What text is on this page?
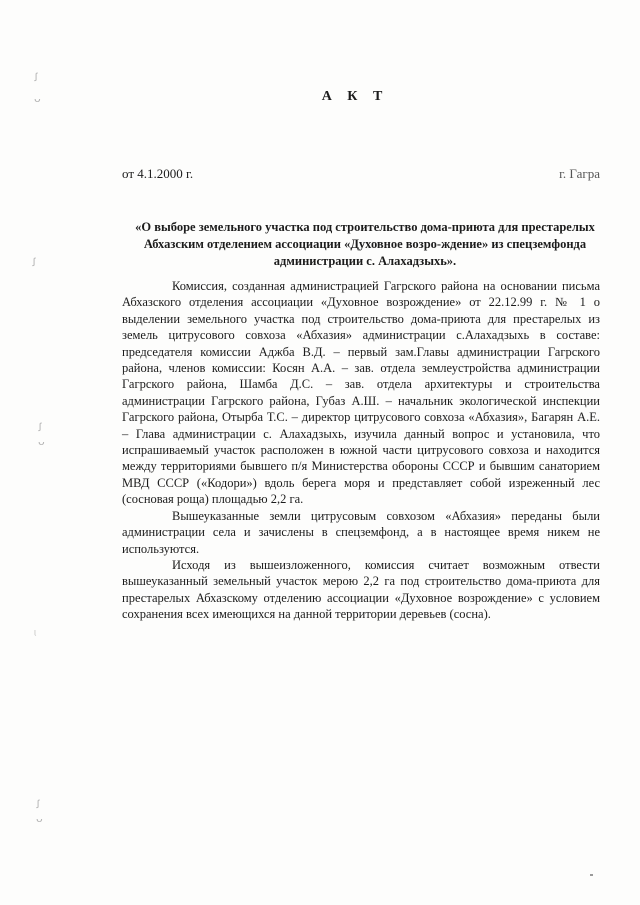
ꭍ
ᴗ
ꭍ
ꭍ
ᴗ
ᶩ
ꭍ
ᴗ
А К Т
от 4.1.2000 г.	г. Гагра
«О выборе земельного участка под строительство дома-приюта для престарелых Абхазским отделением ассоциации «Духовное возро-ждение» из спецземфонда администрации с. Алахадзыхь».

Комиссия, созданная администрацией Гагрского района на основании письма Абхазского отделения ассоциации «Духовное возрождение» от 22.12.99 г. № 1 о выделении земельного участка под строительство дома-приюта для престарелых из земель цитрусового совхоза «Абхазия» администрации с.Алахадзыхь в составе: председателя комиссии Аджба В.Д. – первый зам.Главы администрации Гагрского района, членов комиссии: Косян А.А. – зав. отдела землеустройства администрации Гагрского района, Шамба Д.С. – зав. отдела архитектуры и строительства администрации Гагрского района, Губаз А.Ш. – начальник экологической инспекции Гагрского района, Отырба Т.С. – директор цитрусового совхоза «Абхазия», Багарян А.Е. – Глава администрации с. Алахадзыхь, изучила данный вопрос и установила, что испрашиваемый участок расположен в южной части цитрусового совхоза и находится между территориями бывшего п/я Министерства обороны СССР и бывшим санаторием МВД СССР («Кодори») вдоль берега моря и представляет собой изреженный лес (сосновая роща) площадью 2,2 га.

Вышеуказанные земли цитрусовым совхозом «Абхазия» переданы были администрации села и зачислены в спецземфонд, а в настоящее время никем не используются.

Исходя из вышеизложенного, комиссия считает возможным отвести вышеуказанный земельный участок мерою 2,2 га под строительство дома-приюта для престарелых Абхазскому отделению ассоциации «Духовное возрождение» с условием сохранения всех имеющихся на данной территории деревьев (сосна).
